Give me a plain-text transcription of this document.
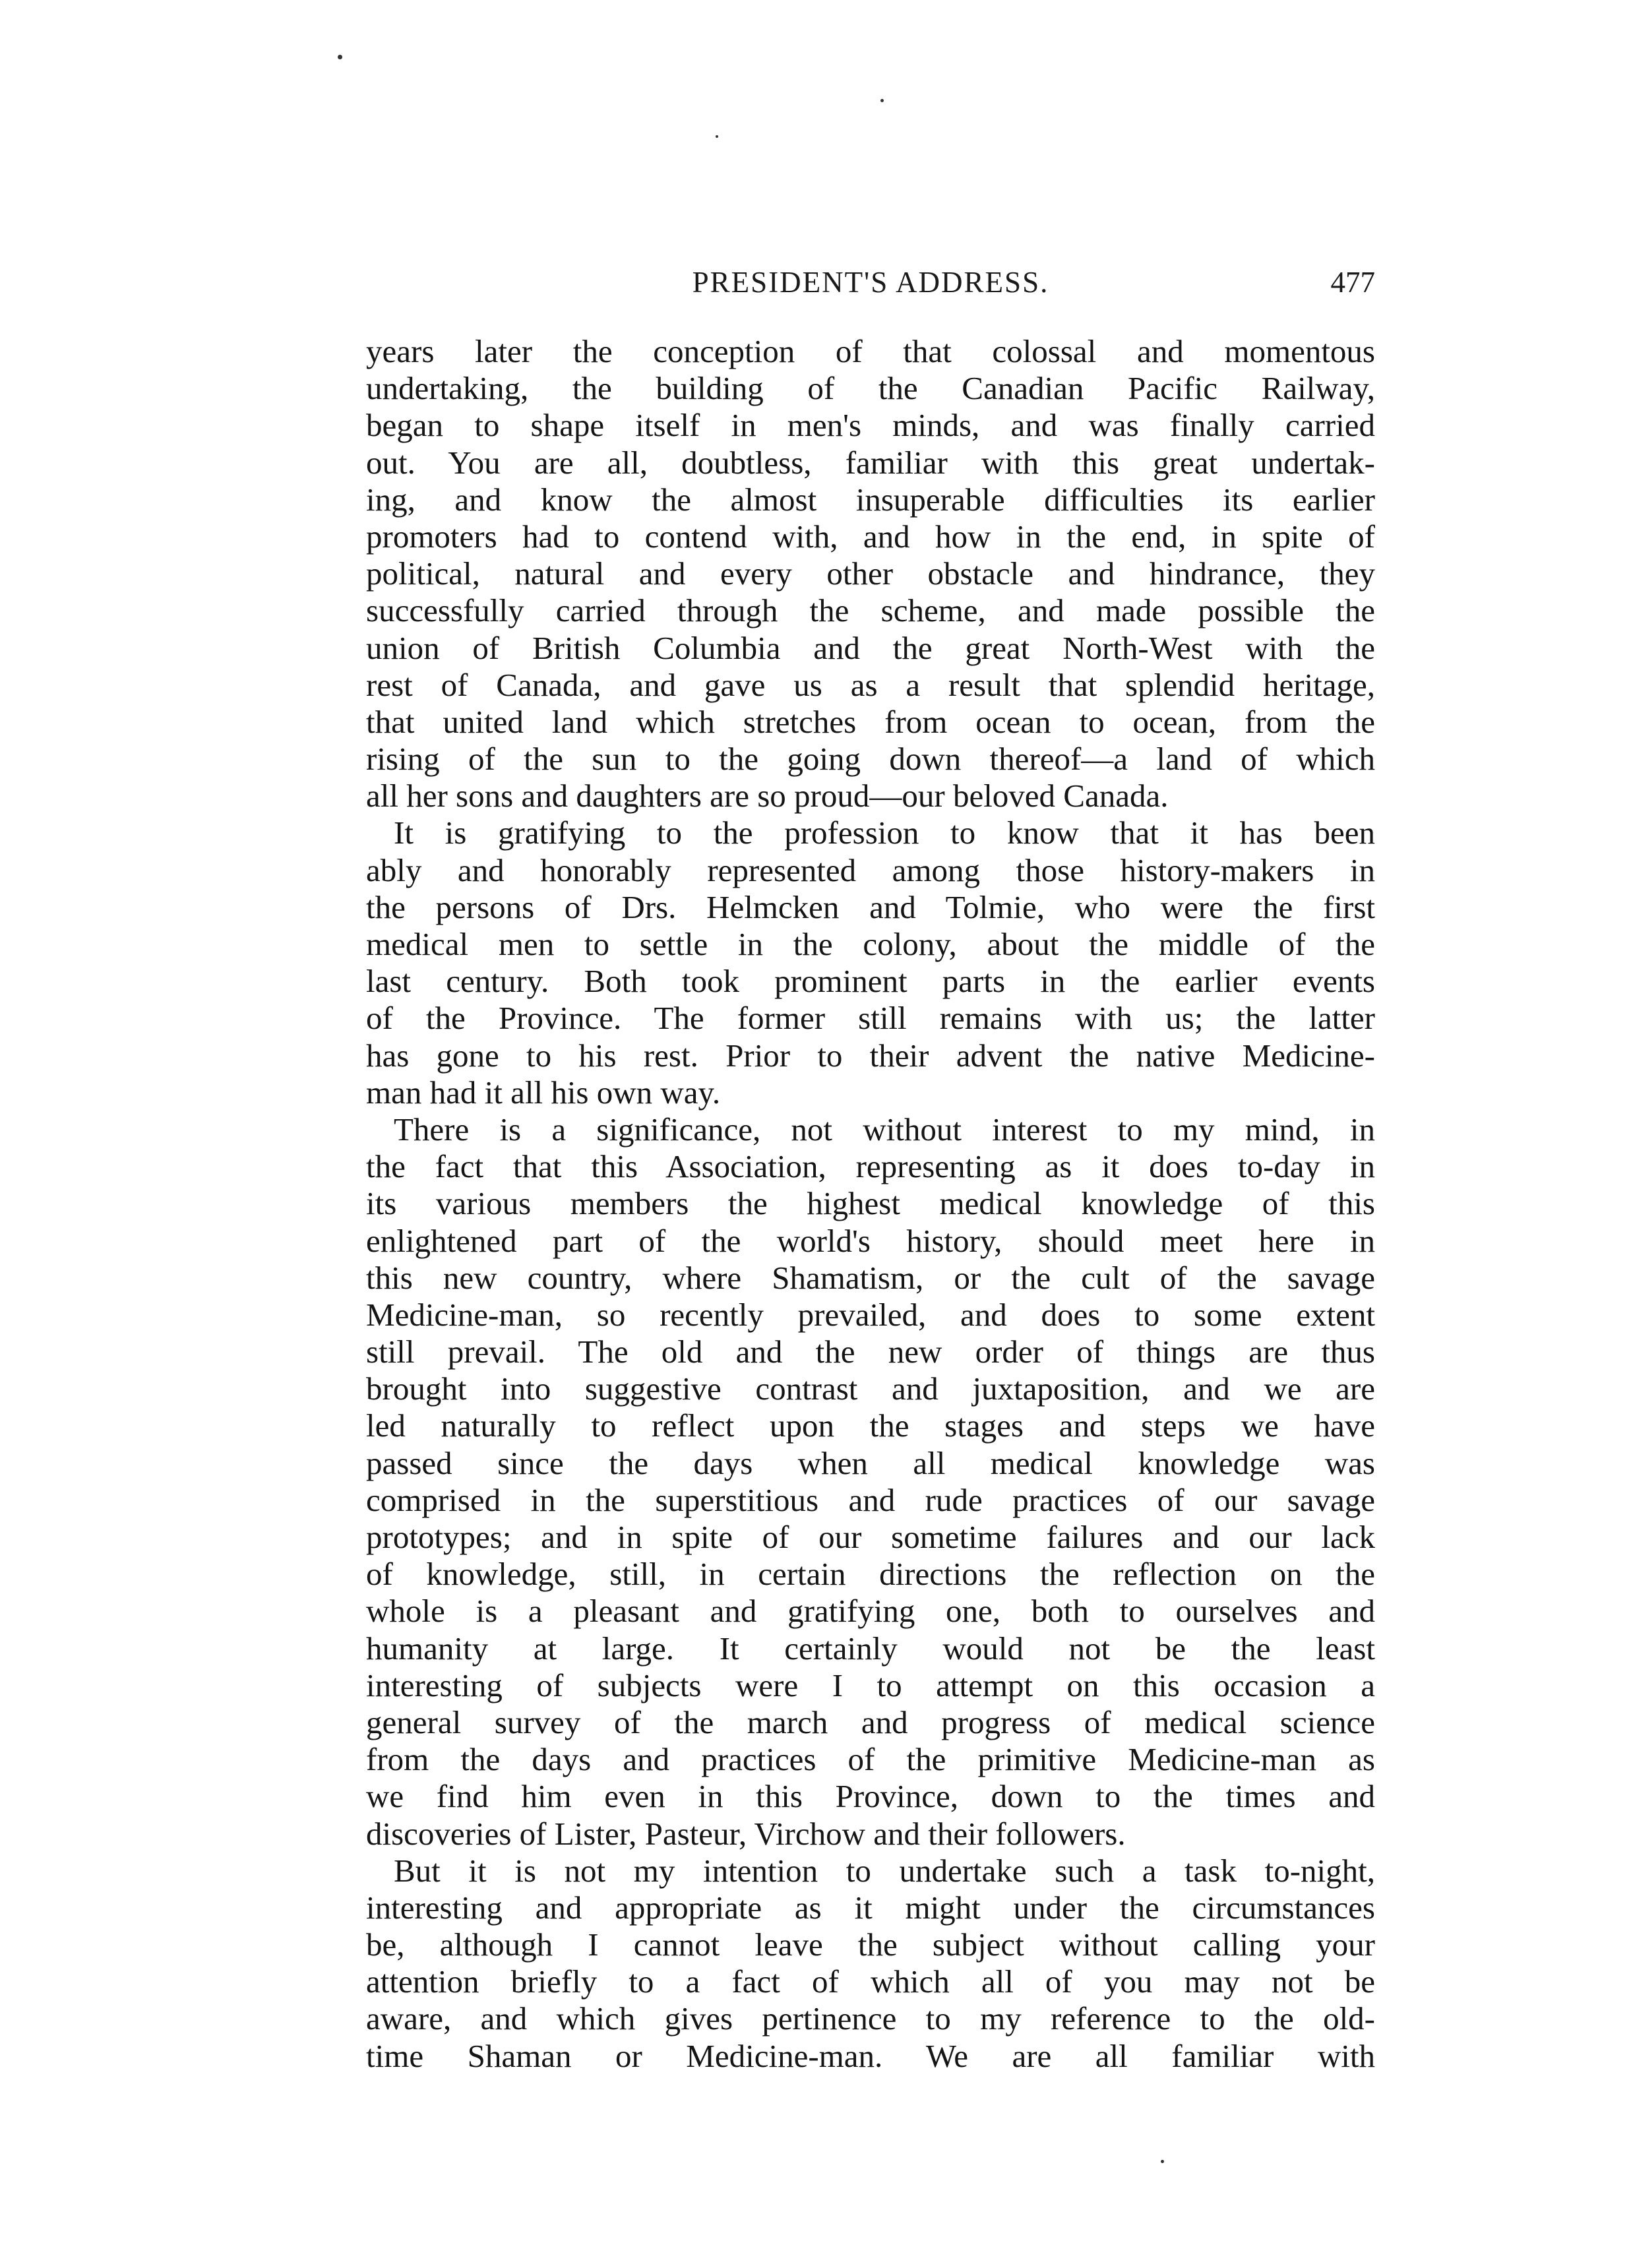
PRESIDENT'S ADDRESS.	477
years later the conception of that colossal and momentous
undertaking, the building of the Canadian Pacific Railway,
began to shape itself in men's minds, and was finally carried
out. You are all, doubtless, familiar with this great undertak-
ing, and know the almost insuperable difficulties its earlier
promoters had to contend with, and how in the end, in spite of
political, natural and every other obstacle and hindrance, they
successfully carried through the scheme, and made possible the
union of British Columbia and the great North-West with the
rest of Canada, and gave us as a result that splendid heritage,
that united land which stretches from ocean to ocean, from the
rising of the sun to the going down thereof—a land of which
all her sons and daughters are so proud—our beloved Canada.
It is gratifying to the profession to know that it has been
ably and honorably represented among those history-makers in
the persons of Drs. Helmcken and Tolmie, who were the first
medical men to settle in the colony, about the middle of the
last century. Both took prominent parts in the earlier events
of the Province. The former still remains with us; the latter
has gone to his rest. Prior to their advent the native Medicine-
man had it all his own way.
There is a significance, not without interest to my mind, in
the fact that this Association, representing as it does to-day in
its various members the highest medical knowledge of this
enlightened part of the world's history, should meet here in
this new country, where Shamatism, or the cult of the savage
Medicine-man, so recently prevailed, and does to some extent
still prevail. The old and the new order of things are thus
brought into suggestive contrast and juxtaposition, and we are
led naturally to reflect upon the stages and steps we have
passed since the days when all medical knowledge was
comprised in the superstitious and rude practices of our savage
prototypes; and in spite of our sometime failures and our lack
of knowledge, still, in certain directions the reflection on the
whole is a pleasant and gratifying one, both to ourselves and
humanity at large. It certainly would not be the least
interesting of subjects were I to attempt on this occasion a
general survey of the march and progress of medical science
from the days and practices of the primitive Medicine-man as
we find him even in this Province, down to the times and
discoveries of Lister, Pasteur, Virchow and their followers.
But it is not my intention to undertake such a task to-night,
interesting and appropriate as it might under the circumstances
be, although I cannot leave the subject without calling your
attention briefly to a fact of which all of you may not be
aware, and which gives pertinence to my reference to the old-
time Shaman or Medicine-man. We are all familiar with
